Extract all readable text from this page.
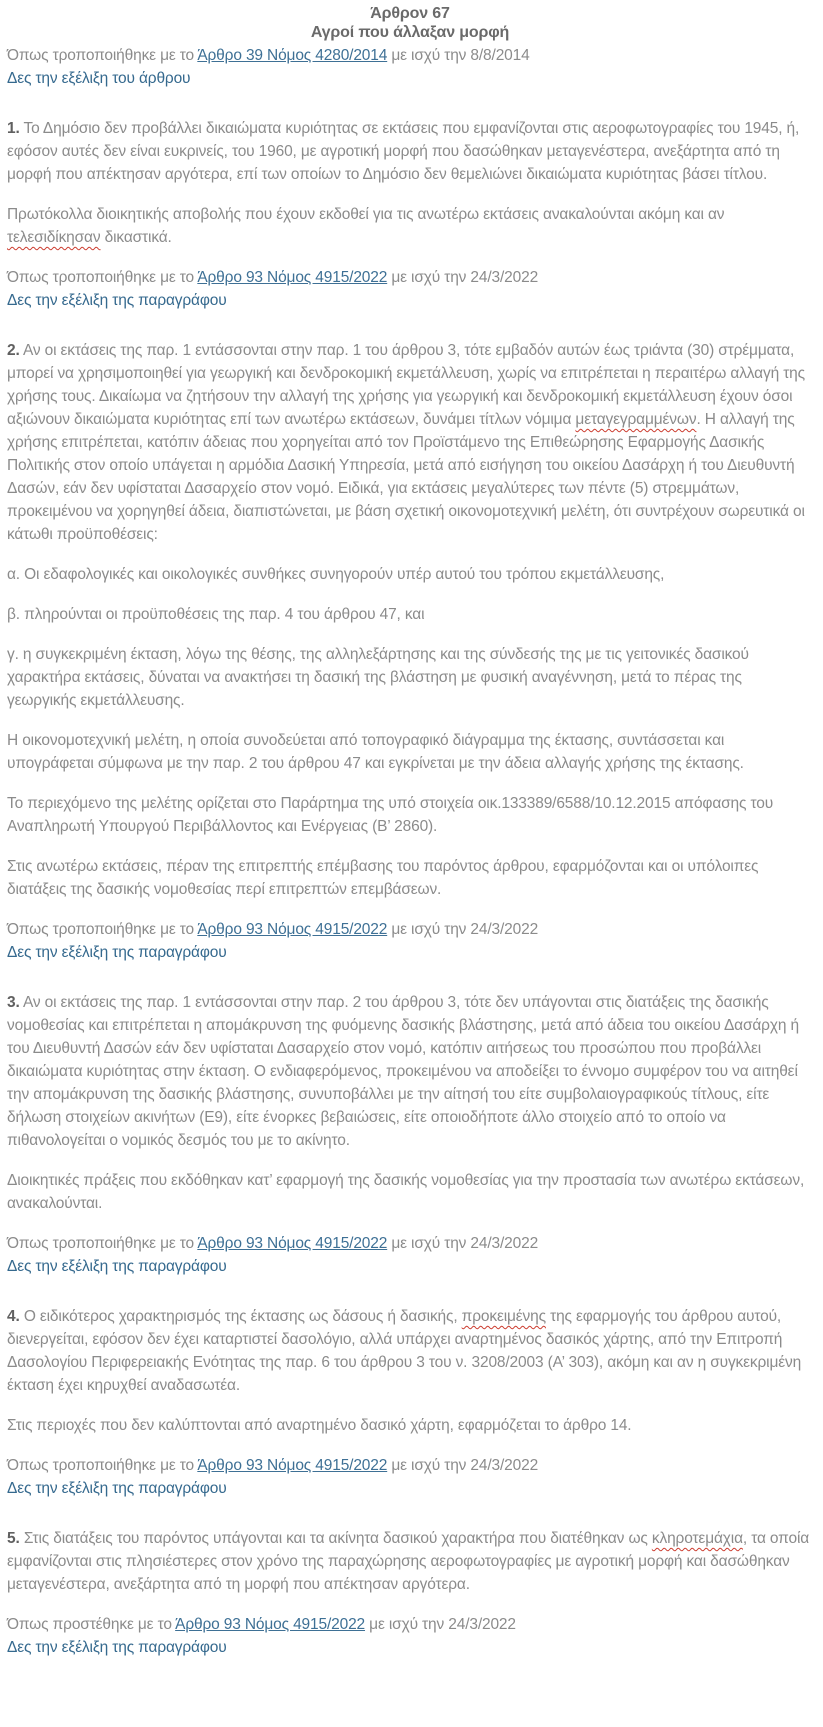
Άρθρον 67
Αγροί που άλλαξαν μορφή
Όπως τροποποιήθηκε με το Άρθρο 39 Νόμος 4280/2014 με ισχύ την 8/8/2014
Δες την εξέλιξη του άρθρου

1. Το Δημόσιο δεν προβάλλει δικαιώματα κυριότητας σε εκτάσεις που εμφανίζονται στις αεροφωτογραφίες του 1945, ή, εφόσον αυτές δεν είναι ευκρινείς, του 1960, με αγροτική μορφή που δασώθηκαν μεταγενέστερα, ανεξάρτητα από τη μορφή που απέκτησαν αργότερα, επί των οποίων το Δημόσιο δεν θεμελιώνει δικαιώματα κυριότητας βάσει τίτλου.

Πρωτόκολλα διοικητικής αποβολής που έχουν εκδοθεί για τις ανωτέρω εκτάσεις ανακαλούνται ακόμη και αν τελεσιδίκησαν δικαστικά.

Όπως τροποποιήθηκε με το Άρθρο 93 Νόμος 4915/2022 με ισχύ την 24/3/2022
Δες την εξέλιξη της παραγράφου

2. Αν οι εκτάσεις της παρ. 1 εντάσσονται στην παρ. 1 του άρθρου 3, τότε εμβαδόν αυτών έως τριάντα (30) στρέμματα, μπορεί να χρησιμοποιηθεί για γεωργική και δενδροκομική εκμετάλλευση, χωρίς να επιτρέπεται η περαιτέρω αλλαγή της χρήσης τους. Δικαίωμα να ζητήσουν την αλλαγή της χρήσης για γεωργική και δενδροκομική εκμετάλλευση έχουν όσοι αξιώνουν δικαιώματα κυριότητας επί των ανωτέρω εκτάσεων, δυνάμει τίτλων νόμιμα μεταγεγραμμένων. Η αλλαγή της χρήσης επιτρέπεται, κατόπιν άδειας που χορηγείται από τον Προϊστάμενο της Επιθεώρησης Εφαρμογής Δασικής Πολιτικής στον οποίο υπάγεται η αρμόδια Δασική Υπηρεσία, μετά από εισήγηση του οικείου Δασάρχη ή του Διευθυντή Δασών, εάν δεν υφίσταται Δασαρχείο στον νομό. Ειδικά, για εκτάσεις μεγαλύτερες των πέντε (5) στρεμμάτων, προκειμένου να χορηγηθεί άδεια, διαπιστώνεται, με βάση σχετική οικονομοτεχνική μελέτη, ότι συντρέχουν σωρευτικά οι κάτωθι προϋποθέσεις:

α. Οι εδαφολογικές και οικολογικές συνθήκες συνηγορούν υπέρ αυτού του τρόπου εκμετάλλευσης,

β. πληρούνται οι προϋποθέσεις της παρ. 4 του άρθρου 47, και

γ. η συγκεκριμένη έκταση, λόγω της θέσης, της αλληλεξάρτησης και της σύνδεσής της με τις γειτονικές δασικού χαρακτήρα εκτάσεις, δύναται να ανακτήσει τη δασική της βλάστηση με φυσική αναγέννηση, μετά το πέρας της γεωργικής εκμετάλλευσης.

Η οικονομοτεχνική μελέτη, η οποία συνοδεύεται από τοπογραφικό διάγραμμα της έκτασης, συντάσσεται και υπογράφεται σύμφωνα με την παρ. 2 του άρθρου 47 και εγκρίνεται με την άδεια αλλαγής χρήσης της έκτασης.

Το περιεχόμενο της μελέτης ορίζεται στο Παράρτημα της υπό στοιχεία οικ.133389/6588/10.12.2015 απόφασης του Αναπληρωτή Υπουργού Περιβάλλοντος και Ενέργειας (Β’ 2860).

Στις ανωτέρω εκτάσεις, πέραν της επιτρεπτής επέμβασης του παρόντος άρθρου, εφαρμόζονται και οι υπόλοιπες διατάξεις της δασικής νομοθεσίας περί επιτρεπτών επεμβάσεων.

Όπως τροποποιήθηκε με το Άρθρο 93 Νόμος 4915/2022 με ισχύ την 24/3/2022
Δες την εξέλιξη της παραγράφου

3. Αν οι εκτάσεις της παρ. 1 εντάσσονται στην παρ. 2 του άρθρου 3, τότε δεν υπάγονται στις διατάξεις της δασικής νομοθεσίας και επιτρέπεται η απομάκρυνση της φυόμενης δασικής βλάστησης, μετά από άδεια του οικείου Δασάρχη ή του Διευθυντή Δασών εάν δεν υφίσταται Δασαρχείο στον νομό, κατόπιν αιτήσεως του προσώπου που προβάλλει δικαιώματα κυριότητας στην έκταση. Ο ενδιαφερόμενος, προκειμένου να αποδείξει το έννομο συμφέρον του να αιτηθεί την απομάκρυνση της δασικής βλάστησης, συνυποβάλλει με την αίτησή του είτε συμβολαιογραφικούς τίτλους, είτε δήλωση στοιχείων ακινήτων (Ε9), είτε ένορκες βεβαιώσεις, είτε οποιοδήποτε άλλο στοιχείο από το οποίο να πιθανολογείται ο νομικός δεσμός του με το ακίνητο.

Διοικητικές πράξεις που εκδόθηκαν κατ’ εφαρμογή της δασικής νομοθεσίας για την προστασία των ανωτέρω εκτάσεων, ανακαλούνται.

Όπως τροποποιήθηκε με το Άρθρο 93 Νόμος 4915/2022 με ισχύ την 24/3/2022
Δες την εξέλιξη της παραγράφου

4. Ο ειδικότερος χαρακτηρισμός της έκτασης ως δάσους ή δασικής, προκειμένης της εφαρμογής του άρθρου αυτού, διενεργείται, εφόσον δεν έχει καταρτιστεί δασολόγιο, αλλά υπάρχει αναρτημένος δασικός χάρτης, από την Επιτροπή Δασολογίου Περιφερειακής Ενότητας της παρ. 6 του άρθρου 3 του ν. 3208/2003 (Α’ 303), ακόμη και αν η συγκεκριμένη έκταση έχει κηρυχθεί αναδασωτέα.

Στις περιοχές που δεν καλύπτονται από αναρτημένο δασικό χάρτη, εφαρμόζεται το άρθρο 14.

Όπως τροποποιήθηκε με το Άρθρο 93 Νόμος 4915/2022 με ισχύ την 24/3/2022
Δες την εξέλιξη της παραγράφου

5. Στις διατάξεις του παρόντος υπάγονται και τα ακίνητα δασικού χαρακτήρα που διατέθηκαν ως κληροτεμάχια, τα οποία εμφανίζονται στις πλησιέστερες στον χρόνο της παραχώρησης αεροφωτογραφίες με αγροτική μορφή και δασώθηκαν μεταγενέστερα, ανεξάρτητα από τη μορφή που απέκτησαν αργότερα.

Όπως προστέθηκε με το Άρθρο 93 Νόμος 4915/2022 με ισχύ την 24/3/2022
Δες την εξέλιξη της παραγράφου
